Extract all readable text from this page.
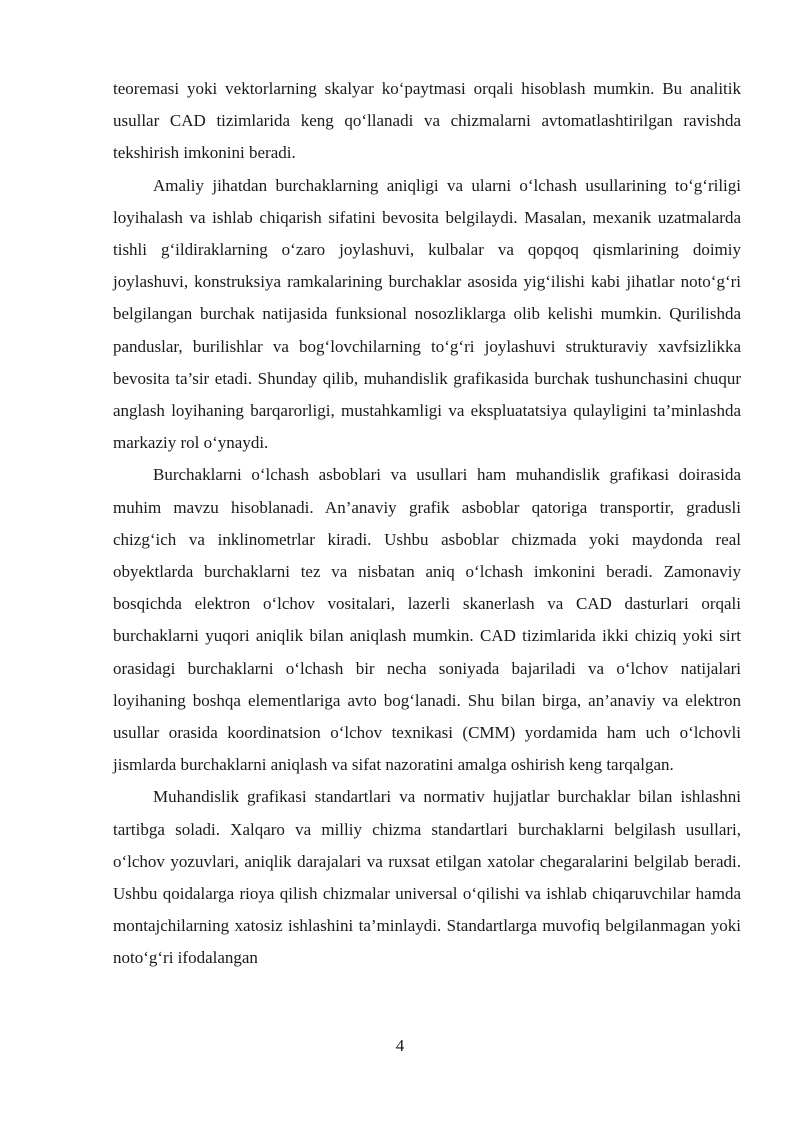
teoremasi yoki vektorlarning skalyar ko‘paytmasi orqali hisoblash mumkin. Bu analitik usullar CAD tizimlarida keng qo‘llanadi va chizmalarni avtomatlashtirilgan ravishda tekshirish imkonini beradi.

Amaliy jihatdan burchaklarning aniqligi va ularni o‘lchash usullarining to‘g‘riligi loyihalash va ishlab chiqarish sifatini bevosita belgilaydi. Masalan, mexanik uzatmalarda tishli g‘ildiraklarning o‘zaro joylashuvi, kulbalar va qopqoq qismlarining doimiy joylashuvi, konstruksiya ramkalarining burchaklar asosida yig‘ilishi kabi jihatlar noto‘g‘ri belgilangan burchak natijasida funksional nosozliklarga olib kelishi mumkin. Qurilishda panduslar, burilishlar va bog‘lovchilarning to‘g‘ri joylashuvi strukturaviy xavfsizlikka bevosita ta’sir etadi. Shunday qilib, muhandislik grafikasida burchak tushunchasini chuqur anglash loyihaning barqarorligi, mustahkamligi va ekspluatatsiya qulayligini ta’minlashda markaziy rol o‘ynaydi.

Burchaklarni o‘lchash asboblari va usullari ham muhandislik grafikasi doirasida muhim mavzu hisoblanadi. An’anaviy grafik asboblar qatoriga transportir, gradusli chizg‘ich va inklinometrlar kiradi. Ushbu asboblar chizmada yoki maydonda real obyektlarda burchaklarni tez va nisbatan aniq o‘lchash imkonini beradi. Zamonaviy bosqichda elektron o‘lchov vositalari, lazerli skanerlash va CAD dasturlari orqali burchaklarni yuqori aniqlik bilan aniqlash mumkin. CAD tizimlarida ikki chiziq yoki sirt orasidagi burchaklarni o‘lchash bir necha soniyada bajariladi va o‘lchov natijalari loyihaning boshqa elementlariga avto bog‘lanadi. Shu bilan birga, an’anaviy va elektron usullar orasida koordinatsion o‘lchov texnikasi (CMM) yordamida ham uch o‘lchovli jismlarda burchaklarni aniqlash va sifat nazoratini amalga oshirish keng tarqalgan.

Muhandislik grafikasi standartlari va normativ hujjatlar burchaklar bilan ishlashni tartibga soladi. Xalqaro va milliy chizma standartlari burchaklarni belgilash usullari, o‘lchov yozuvlari, aniqlik darajalari va ruxsat etilgan xatolar chegaralarini belgilab beradi. Ushbu qoidalarga rioya qilish chizmalar universal o‘qilishi va ishlab chiqaruvchilar hamda montajchilarning xatosiz ishlashini ta’minlaydi. Standartlarga muvofiq belgilanmagan yoki noto‘g‘ri ifodalangan

4
